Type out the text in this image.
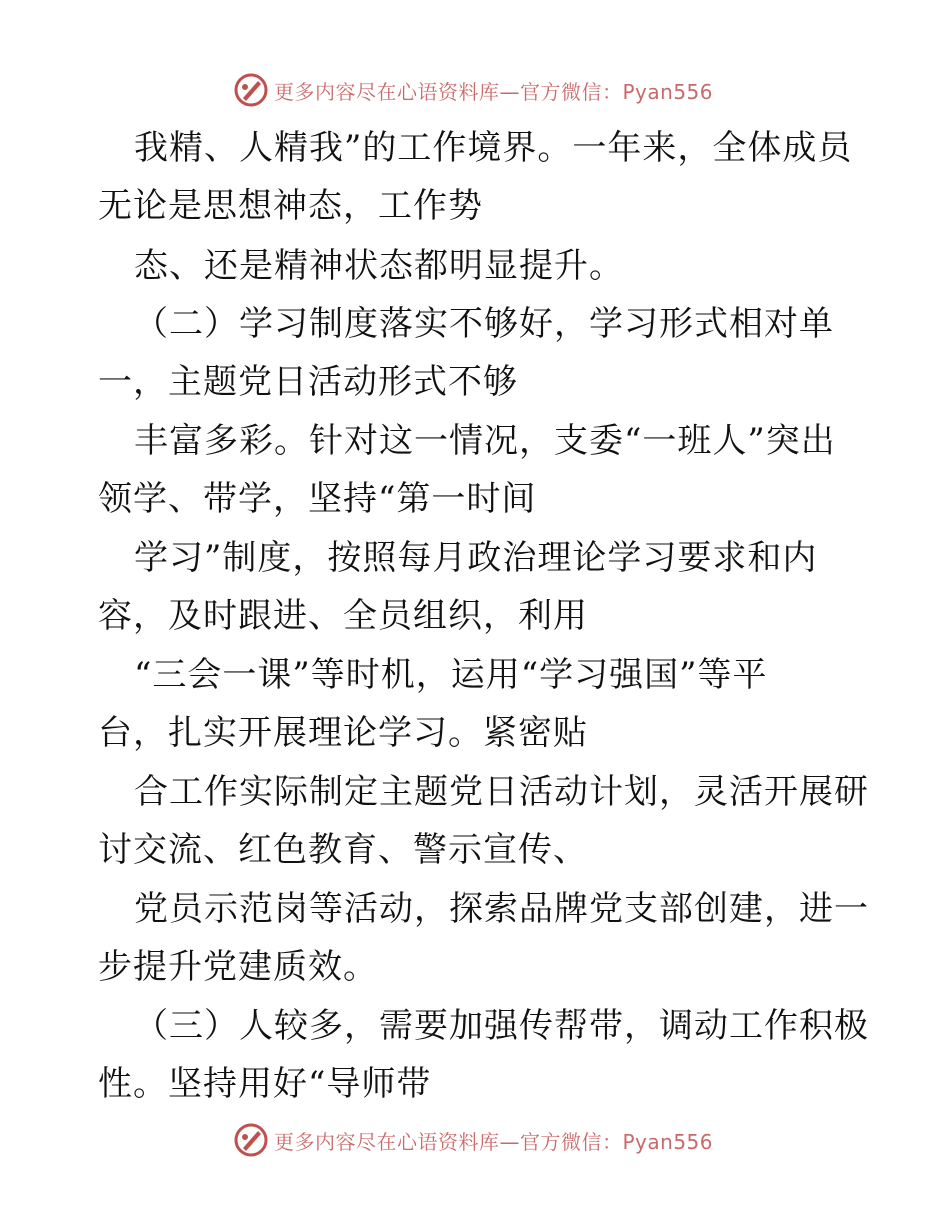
更多内容尽在心语资料库—官方微信：Pyan556
我精、人精我”的工作境界。一年来，全体成员
无论是思想神态，工作势
态、还是精神状态都明显提升。
（二）学习制度落实不够好，学习形式相对单
一，主题党日活动形式不够
丰富多彩。针对这一情况，支委“一班人”突出
领学、带学，坚持“第一时间
学习”制度，按照每月政治理论学习要求和内
容，及时跟进、全员组织，利用
“三会一课”等时机，运用“学习强国”等平
台，扎实开展理论学习。紧密贴
合工作实际制定主题党日活动计划，灵活开展研
讨交流、红色教育、警示宣传、
党员示范岗等活动，探索品牌党支部创建，进一
步提升党建质效。
（三）人较多，需要加强传帮带，调动工作积极
性。坚持用好“导师带
更多内容尽在心语资料库—官方微信：Pyan556
